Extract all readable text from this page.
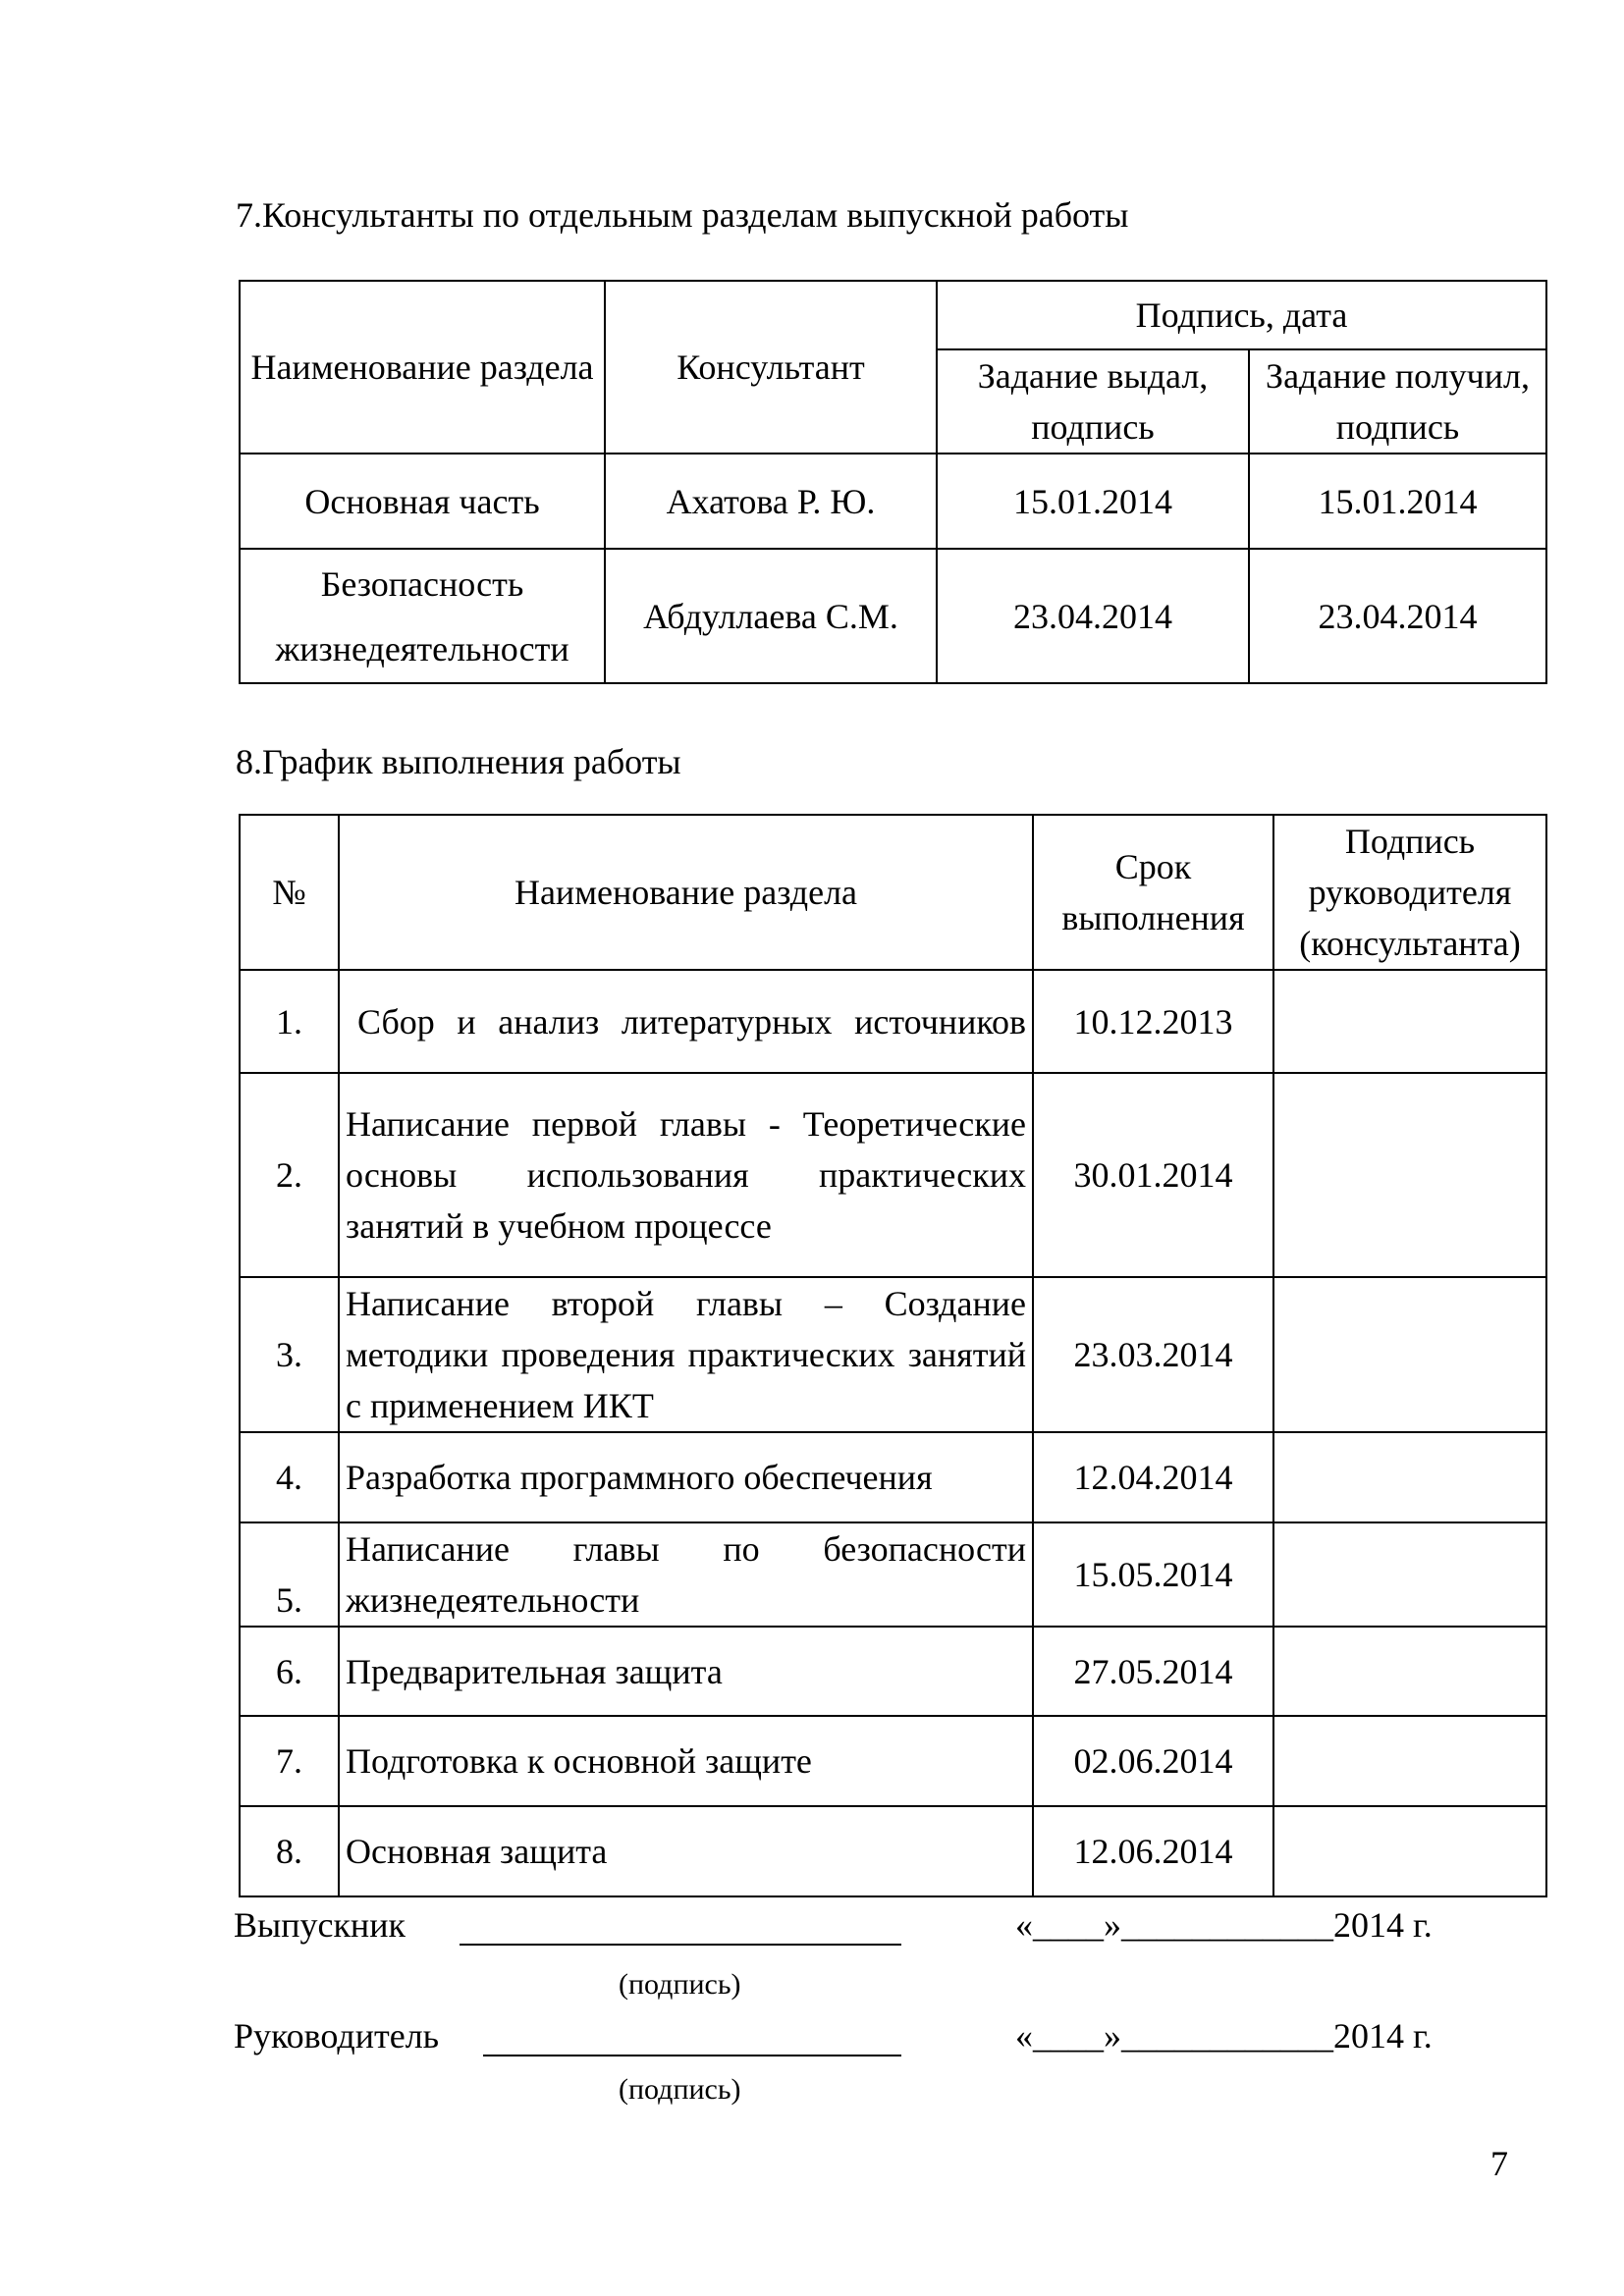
7.Консультанты по отдельным разделам выпускной работы
Наименование раздела	Консультант	Подпись, дата	
		Задание выдал, подпись	Задание получил, подпись
Основная часть	Ахатова Р. Ю.	15.01.2014	15.01.2014
Безопасность жизнедеятельности	Абдуллаева С.М.	23.04.2014	23.04.2014
8.График выполнения работы
№	Наименование раздела	Срок выполнения	Подпись руководителя (консультанта)
1.	Сбор и анализ литературных источников	10.12.2013	
2.	Написание первой главы - Теоретические основы использования практических занятий в учебном процессе	30.01.2014	
3.	Написание второй главы – Создание методики проведения практических занятий с применением ИКТ	23.03.2014	
4.	Разработка программного обеспечения	12.04.2014	
5.	Написание главы по безопасности жизнедеятельности	15.05.2014	
6.	Предварительная защита	27.05.2014	
7.	Подготовка к основной защите	02.06.2014	
8.	Основная защита	12.06.2014	
Выпускник	«____»____________2014 г.
(подпись)
Руководитель	«____»____________2014 г.
(подпись)
7
